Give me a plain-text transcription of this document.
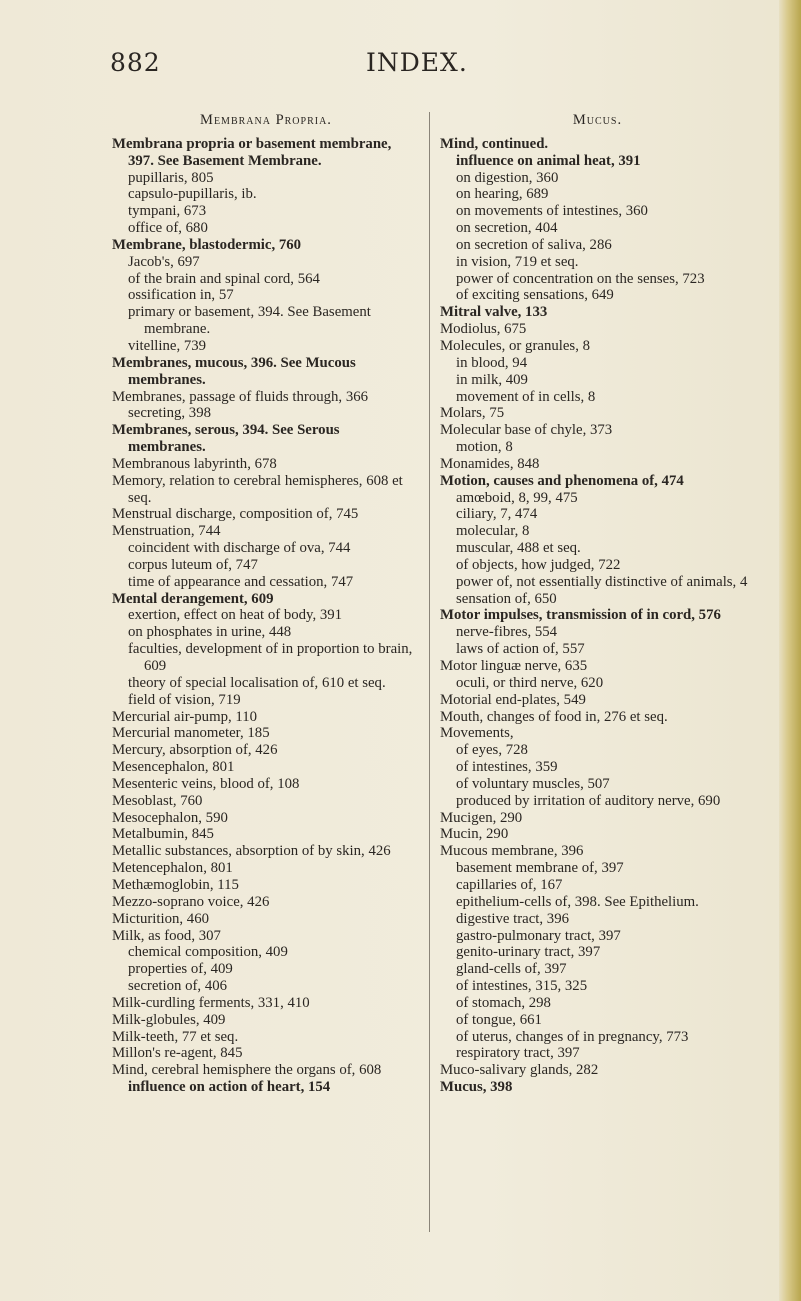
882	INDEX.
Membrana Propria.
Membrana propria or basement membrane, 397. See Basement Membrane.
pupillaris, 805
capsulo-pupillaris, ib.
tympani, 673
office of, 680
Membrane, blastodermic, 760
Jacob's, 697
of the brain and spinal cord, 564
ossification in, 57
primary or basement, 394. See Basement membrane.
vitelline, 739
Membranes, mucous, 396. See Mucous membranes.
Membranes, passage of fluids through, 366
secreting, 398
Membranes, serous, 394. See Serous membranes.
Membranous labyrinth, 678
Memory, relation to cerebral hemispheres, 608 et seq.
Menstrual discharge, composition of, 745
Menstruation, 744
coincident with discharge of ova, 744
corpus luteum of, 747
time of appearance and cessation, 747
Mental derangement, 609
exertion, effect on heat of body, 391
on phosphates in urine, 448
faculties, development of in proportion to brain, 609
theory of special localisation of, 610 et seq.
field of vision, 719
Mercurial air-pump, 110
Mercurial manometer, 185
Mercury, absorption of, 426
Mesencephalon, 801
Mesenteric veins, blood of, 108
Mesoblast, 760
Mesocephalon, 590
Metalbumin, 845
Metallic substances, absorption of by skin, 426
Metencephalon, 801
Methæmoglobin, 115
Mezzo-soprano voice, 426
Micturition, 460
Milk, as food, 307
chemical composition, 409
properties of, 409
secretion of, 406
Milk-curdling ferments, 331, 410
Milk-globules, 409
Milk-teeth, 77 et seq.
Millon's re-agent, 845
Mind, cerebral hemisphere the organs of, 608
influence on action of heart, 154
Mucus.
Mind, continued.
influence on animal heat, 391
on digestion, 360
on hearing, 689
on movements of intestines, 360
on secretion, 404
on secretion of saliva, 286
in vision, 719 et seq.
power of concentration on the senses, 723
of exciting sensations, 649
Mitral valve, 133
Modiolus, 675
Molecules, or granules, 8
in blood, 94
in milk, 409
movement of in cells, 8
Molars, 75
Molecular base of chyle, 373
motion, 8
Monamides, 848
Motion, causes and phenomena of, 474
amœboid, 8, 99, 475
ciliary, 7, 474
molecular, 8
muscular, 488 et seq.
of objects, how judged, 722
power of, not essentially distinctive of animals, 4
sensation of, 650
Motor impulses, transmission of in cord, 576
nerve-fibres, 554
laws of action of, 557
Motor linguæ nerve, 635
oculi, or third nerve, 620
Motorial end-plates, 549
Mouth, changes of food in, 276 et seq.
Movements,
of eyes, 728
of intestines, 359
of voluntary muscles, 507
produced by irritation of auditory nerve, 690
Mucigen, 290
Mucin, 290
Mucous membrane, 396
basement membrane of, 397
capillaries of, 167
epithelium-cells of, 398. See Epithelium.
digestive tract, 396
gastro-pulmonary tract, 397
genito-urinary tract, 397
gland-cells of, 397
of intestines, 315, 325
of stomach, 298
of tongue, 661
of uterus, changes of in pregnancy, 773
respiratory tract, 397
Muco-salivary glands, 282
Mucus, 398
